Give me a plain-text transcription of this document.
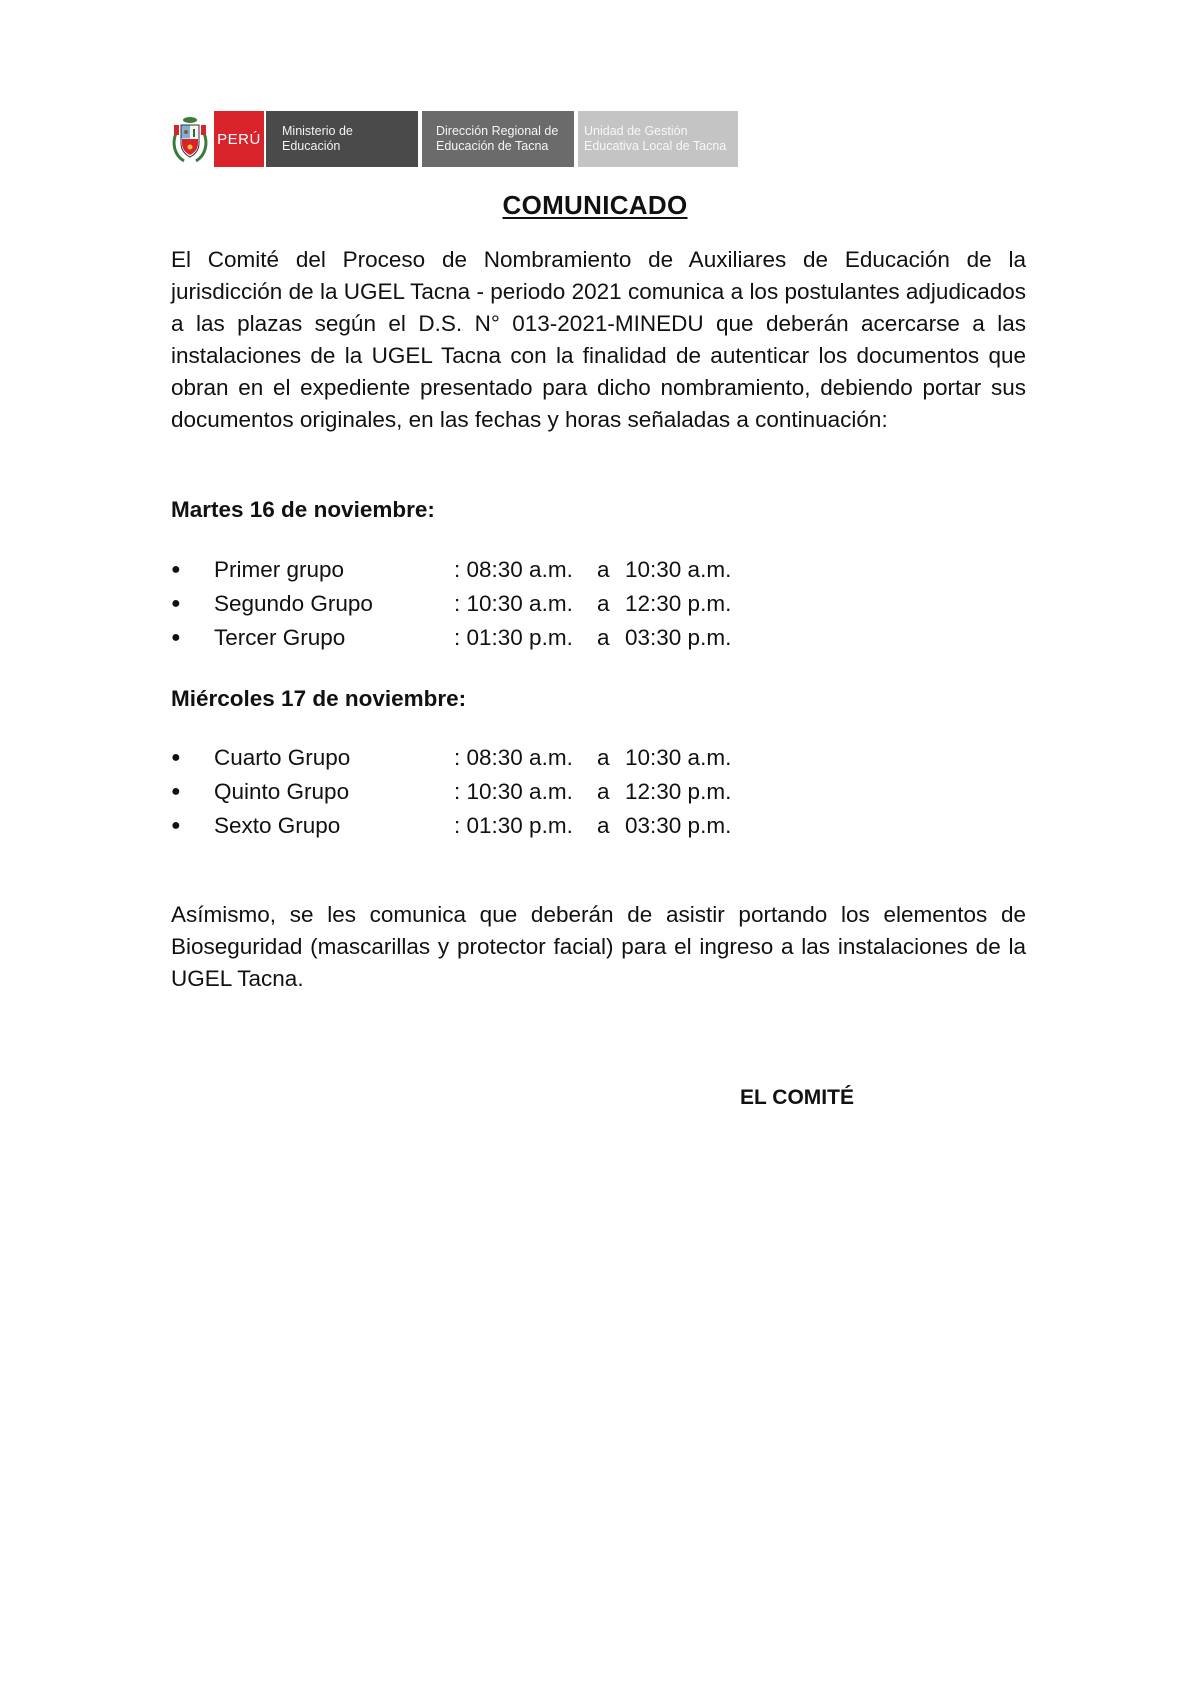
PERÚ Ministerio de
Educación
Dirección Regional de
Educación de Tacna
Unidad de Gestión
Educativa Local de Tacna
COMUNICADO

El Comité del Proceso de Nombramiento de Auxiliares de Educación de la jurisdicción de la UGEL Tacna - periodo 2021 comunica a los postulantes adjudicados a las plazas según el D.S. N° 013-2021-MINEDU que deberán acercarse a las instalaciones de la UGEL Tacna con la finalidad de autenticar los documentos que obran en el expediente presentado para dicho nombramiento, debiendo portar sus documentos originales, en las fechas y horas señaladas a continuación:

Martes 16 de noviembre:

●	Primer grupo	: 08:30 a.m.	a 10:30 a.m.
●	Segundo Grupo	: 10:30 a.m.	a 12:30 p.m.
●	Tercer Grupo	: 01:30 p.m.	a 03:30 p.m.

Miércoles 17 de noviembre:

●	Cuarto Grupo	: 08:30 a.m.	a 10:30 a.m.
●	Quinto Grupo	: 10:30 a.m.	a 12:30 p.m.
●	Sexto Grupo	: 01:30 p.m.	a 03:30 p.m.

Asímismo, se les comunica que deberán de asistir portando los elementos de Bioseguridad (mascarillas y protector facial) para el ingreso a las instalaciones de la UGEL Tacna.

EL COMITÉ
